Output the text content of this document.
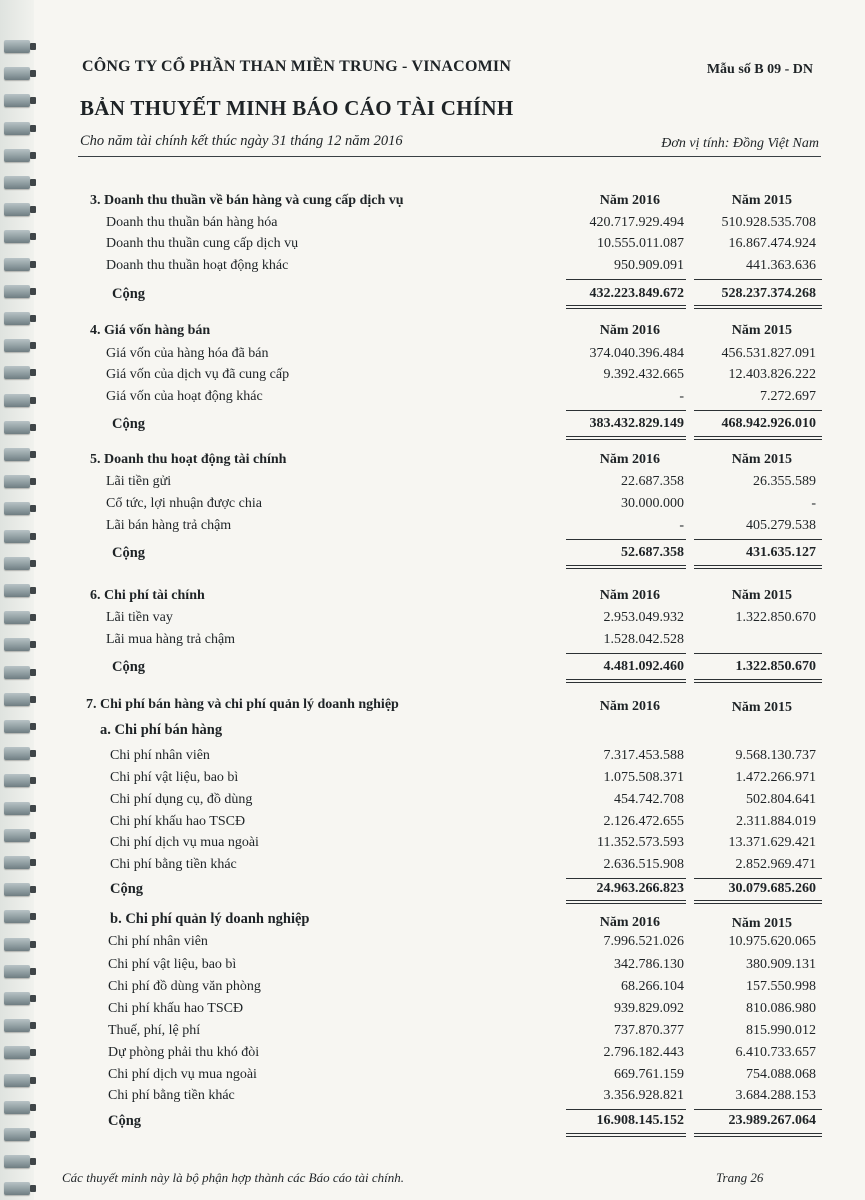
CÔNG TY CỔ PHẦN THAN MIỀN TRUNG - VINACOMIN	Mẫu số B 09 - DN
BẢN THUYẾT MINH BÁO CÁO TÀI CHÍNH
Cho năm tài chính kết thúc ngày 31 tháng 12 năm 2016	Đơn vị tính: Đồng Việt Nam
3. Doanh thu thuần về bán hàng và cung cấp dịch vụ	Năm 2016	Năm 2015
Doanh thu thuần bán hàng hóa	420.717.929.494	510.928.535.708
Doanh thu thuần cung cấp dịch vụ	10.555.011.087	16.867.474.924
Doanh thu thuần hoạt động khác	950.909.091	441.363.636
Cộng	432.223.849.672	528.237.374.268
4. Giá vốn hàng bán	Năm 2016	Năm 2015
Giá vốn của hàng hóa đã bán	374.040.396.484	456.531.827.091
Giá vốn của dịch vụ đã cung cấp	9.392.432.665	12.403.826.222
Giá vốn của hoạt động khác	-	7.272.697
Cộng	383.432.829.149	468.942.926.010
5. Doanh thu hoạt động tài chính	Năm 2016	Năm 2015
Lãi tiền gửi	22.687.358	26.355.589
Cổ tức, lợi nhuận được chia	30.000.000	-
Lãi bán hàng trả chậm	-	405.279.538
Cộng	52.687.358	431.635.127
6. Chi phí tài chính	Năm 2016	Năm 2015
Lãi tiền vay	2.953.049.932	1.322.850.670
Lãi mua hàng trả chậm	1.528.042.528
Cộng	4.481.092.460	1.322.850.670
7. Chi phí bán hàng và chi phí quản lý doanh nghiệp	Năm 2016	Năm 2015
a. Chi phí bán hàng
Chi phí nhân viên	7.317.453.588	9.568.130.737
Chi phí vật liệu, bao bì	1.075.508.371	1.472.266.971
Chi phí dụng cụ, đồ dùng	454.742.708	502.804.641
Chi phí khấu hao TSCĐ	2.126.472.655	2.311.884.019
Chi phí dịch vụ mua ngoài	11.352.573.593	13.371.629.421
Chi phí bằng tiền khác	2.636.515.908	2.852.969.471
Cộng	24.963.266.823	30.079.685.260
b. Chi phí quản lý doanh nghiệp	Năm 2016	Năm 2015
Chi phí nhân viên	7.996.521.026	10.975.620.065
Chi phí vật liệu, bao bì	342.786.130	380.909.131
Chi phí đồ dùng văn phòng	68.266.104	157.550.998
Chi phí khấu hao TSCĐ	939.829.092	810.086.980
Thuế, phí, lệ phí	737.870.377	815.990.012
Dự phòng phải thu khó đòi	2.796.182.443	6.410.733.657
Chi phí dịch vụ mua ngoài	669.761.159	754.088.068
Chi phí bằng tiền khác	3.356.928.821	3.684.288.153
Cộng	16.908.145.152	23.989.267.064
Các thuyết minh này là bộ phận hợp thành các Báo cáo tài chính.	Trang 26
